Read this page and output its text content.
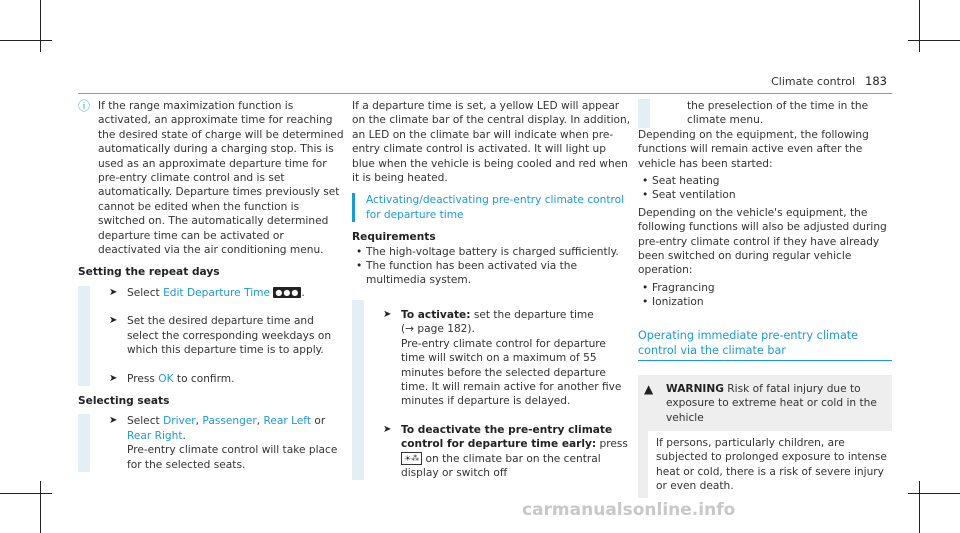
Climate control 183
ⓘ If the range maximization function is activated, an approximate time for reaching the desired state of charge will be determined automatically during a charging stop. This is used as an approximate departure time for pre-entry climate control and is set automatically. Departure times previously set cannot be edited when the function is switched on. The automatically determined departure time can be activated or deactivated via the air conditioning menu.

Setting the repeat days
➤ Select Edit Departure Time ●●● .
➤ Set the desired departure time and select the corresponding weekdays on which this departure time is to apply.
➤ Press OK to confirm.
Selecting seats
➤ Select Driver, Passenger, Rear Left or Rear Right.
Pre-entry climate control will take place for the selected seats.

If a departure time is set, a yellow LED will appear on the climate bar of the central display. In addition, an LED on the climate bar will indicate when pre-entry climate control is activated. It will light up blue when the vehicle is being cooled and red when it is being heated.

Activating/deactivating pre-entry climate control for departure time
Requirements
• The high-voltage battery is charged sufficiently.
• The function has been activated via the multimedia system.
➤ To activate: set the departure time
(→ page 182).
Pre-entry climate control for departure time will switch on a maximum of 55 minutes before the selected departure time. It will remain active for another five minutes if departure is delayed.
➤ To deactivate the pre-entry climate control for departure time early: press ☀⁂ on the climate bar on the central display or switch off
the preselection of the time in the climate menu.

Depending on the equipment, the following functions will remain active even after the vehicle has been started:

• Seat heating
• Seat ventilation

Depending on the vehicle's equipment, the following functions will also be adjusted during pre-entry climate control if they have already been switched on during regular vehicle operation:

• Fragrancing
• Ionization
Operating immediate pre-entry climate control via the climate bar
▲	WARNING Risk of fatal injury due to exposure to extreme heat or cold in the vehicle
If persons, particularly children, are subjected to prolonged exposure to intense heat or cold, there is a risk of severe injury or even death.
carmanualsonline.info
